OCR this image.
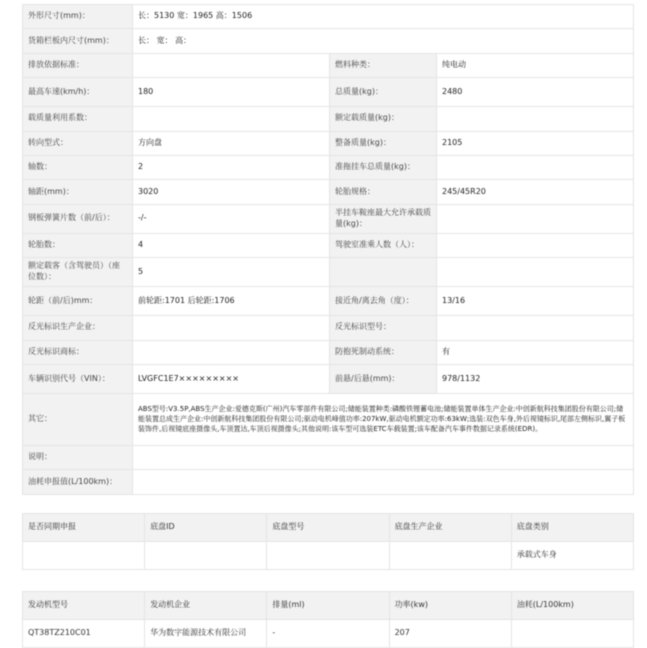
外形尺寸(mm)：	长：5130 宽：1965 高：1506		
货箱栏板内尺寸(mm)：	长： 宽： 高：		
排放依据标准：		燃料种类：	纯电动
最高车速(km/h)：	180	总质量(kg)：	2480
载质量利用系数：		额定载质量(kg)：	
转向型式：	方向盘	整备质量(kg)：	2105
轴数：	2	准拖挂车总质量(kg)：	
轴距(mm)：	3020	轮胎规格：	245/45R20
钢板弹簧片数（前/后）：	-/-	半挂车鞍座最大允许承载质量(kg)：	
轮胎数：	4	驾驶室准乘人数（人）：	
额定载客（含驾驶员）（座位数）：	5		
轮距（前/后)mm：	前轮距:1701 后轮距:1706	接近角/离去角（度）：	13/16
反光标识生产企业：		反光标识型号：	
反光标识商标：		防抱死制动系统：	有
车辆识别代号（VIN）：	LVGFC1E7×××××××××	前悬/后悬(mm)：	978/1132
其它：	ABS型号:V3.5P,ABS生产企业:爱德克斯(广州)汽车零部件有限公司;储能装置种类:磷酸铁锂蓄电池;储能装置单体生产企业:中创新航科技集团股份有限公司;储能装置总成生产企业:中创新航科技集团股份有限公司;驱动电机峰值功率:207kW,驱动电机额定功率:63kW;选装:双色车身,外后视镜标识,尾部左侧标识,翼子板装饰件,后视镜底座摄像头,车顶置达,车顶后视摄像头;其他说明:该车型可选装ETC车载装置;该车配备汽车事件数据记录系统(EDR)。		
说明：			
油耗申报值(L/100km)：			
是否同期申报	底盘ID	底盘型号	底盘生产企业	底盘类别
				承载式车身
发动机型号	发动机企业	排量(ml)	功率(kw)	油耗(L/100km)
QT38TZ210C01	华为数字能源技术有限公司	-	207	
